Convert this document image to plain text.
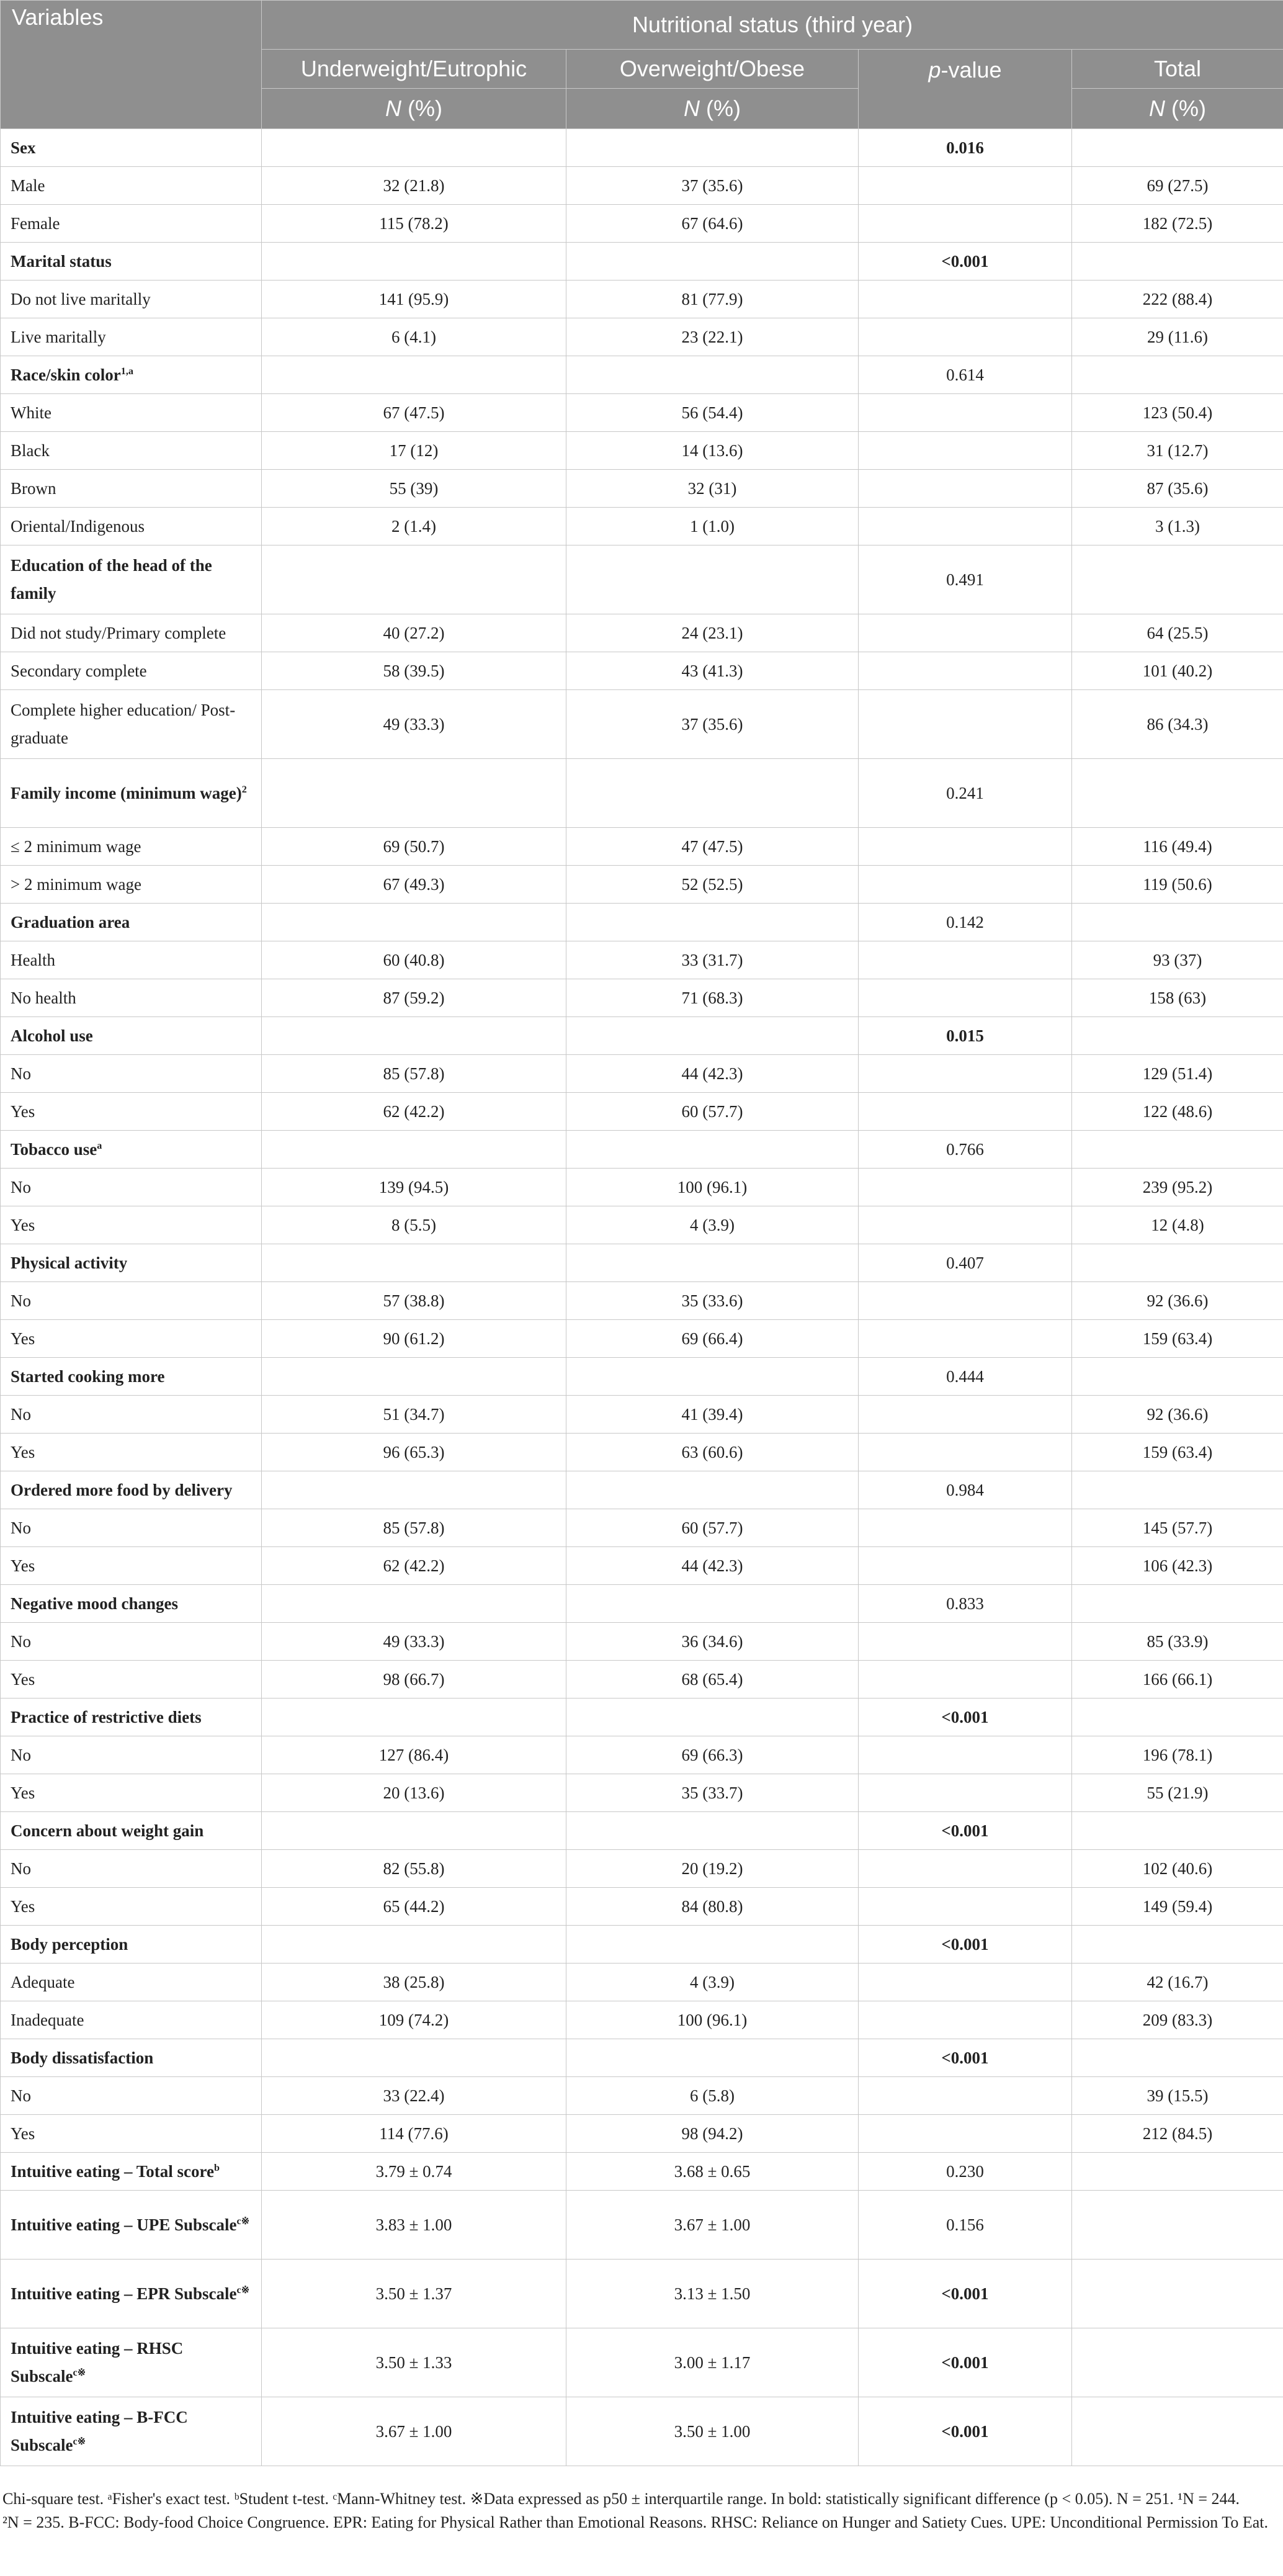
Variables	Nutritional status (third year)			
	Underweight/Eutrophic	Overweight/Obese	p-value	Total
	N (%)	N (%)		N (%)
Sex			0.016	
Male	32 (21.8)	37 (35.6)		69 (27.5)
Female	115 (78.2)	67 (64.6)		182 (72.5)
Marital status			<0.001	
Do not live maritally	141 (95.9)	81 (77.9)		222 (88.4)
Live maritally	6 (4.1)	23 (22.1)		29 (11.6)
Race/skin color$^{1,a}$			0.614	
White	67 (47.5)	56 (54.4)		123 (50.4)
Black	17 (12)	14 (13.6)		31 (12.7)
Brown	55 (39)	32 (31)		87 (35.6)
Oriental/Indigenous	2 (1.4)	1 (1.0)		3 (1.3)
Education of the head of the family			0.491	
Did not study/Primary complete	40 (27.2)	24 (23.1)		64 (25.5)
Secondary complete	58 (39.5)	43 (41.3)		101 (40.2)
Complete higher education/ Post-graduate	49 (33.3)	37 (35.6)		86 (34.3)
Family income (minimum wage)$^2$			0.241	
≤ 2 minimum wage	69 (50.7)	47 (47.5)		116 (49.4)
> 2 minimum wage	67 (49.3)	52 (52.5)		119 (50.6)
Graduation area			0.142	
Health	60 (40.8)	33 (31.7)		93 (37)
No health	87 (59.2)	71 (68.3)		158 (63)
Alcohol use			0.015	
No	85 (57.8)	44 (42.3)		129 (51.4)
Yes	62 (42.2)	60 (57.7)		122 (48.6)
Tobacco use$^a$			0.766	
No	139 (94.5)	100 (96.1)		239 (95.2)
Yes	8 (5.5)	4 (3.9)		12 (4.8)
Physical activity			0.407	
No	57 (38.8)	35 (33.6)		92 (36.6)
Yes	90 (61.2)	69 (66.4)		159 (63.4)
Started cooking more			0.444	
No	51 (34.7)	41 (39.4)		92 (36.6)
Yes	96 (65.3)	63 (60.6)		159 (63.4)
Ordered more food by delivery			0.984	
No	85 (57.8)	60 (57.7)		145 (57.7)
Yes	62 (42.2)	44 (42.3)		106 (42.3)
Negative mood changes			0.833	
No	49 (33.3)	36 (34.6)		85 (33.9)
Yes	98 (66.7)	68 (65.4)		166 (66.1)
Practice of restrictive diets			<0.001	
No	127 (86.4)	69 (66.3)		196 (78.1)
Yes	20 (13.6)	35 (33.7)		55 (21.9)
Concern about weight gain			<0.001	
No	82 (55.8)	20 (19.2)		102 (40.6)
Yes	65 (44.2)	84 (80.8)		149 (59.4)
Body perception			<0.001	
Adequate	38 (25.8)	4 (3.9)		42 (16.7)
Inadequate	109 (74.2)	100 (96.1)		209 (83.3)
Body dissatisfaction			<0.001	
No	33 (22.4)	6 (5.8)		39 (15.5)
Yes	114 (77.6)	98 (94.2)		212 (84.5)
Intuitive eating – Total score$^b$	3.79 ± 0.74	3.68 ± 0.65	0.230	
Intuitive eating – UPE Subscale$^{c※}$	3.83 ± 1.00	3.67 ± 1.00	0.156	
Intuitive eating – EPR Subscale$^{c※}$	3.50 ± 1.37	3.13 ± 1.50	<0.001	
Intuitive eating – RHSC Subscale$^{c※}$	3.50 ± 1.33	3.00 ± 1.17	<0.001	
Intuitive eating – B-FCC Subscale$^{c※}$	3.67 ± 1.00	3.50 ± 1.00	<0.001	
Chi-square test. ᵃFisher's exact test. ᵇStudent t-test. ᶜMann-Whitney test. ※Data expressed as p50 ± interquartile range. In bold: statistically significant difference (p < 0.05). N = 251. ¹N = 244.
²N = 235. B-FCC: Body-food Choice Congruence. EPR: Eating for Physical Rather than Emotional Reasons. RHSC: Reliance on Hunger and Satiety Cues. UPE: Unconditional Permission To Eat.
